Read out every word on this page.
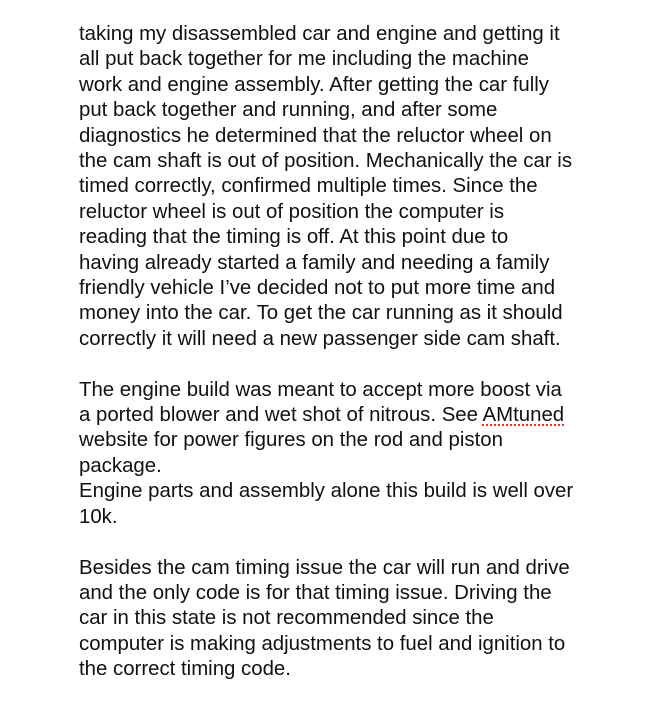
taking my disassembled car and engine and getting it
all put back together for me including the machine
work and engine assembly. After getting the car fully
put back together and running, and after some
diagnostics he determined that the reluctor wheel on
the cam shaft is out of position. Mechanically the car is
timed correctly, confirmed multiple times. Since the
reluctor wheel is out of position the computer is
reading that the timing is off. At this point due to
having already started a family and needing a family
friendly vehicle I’ve decided not to put more time and
money into the car. To get the car running as it should
correctly it will need a new passenger side cam shaft.
The engine build was meant to accept more boost via
a ported blower and wet shot of nitrous. See AMtuned
website for power figures on the rod and piston
package.
Engine parts and assembly alone this build is well over
10k.
Besides the cam timing issue the car will run and drive
and the only code is for that timing issue. Driving the
car in this state is not recommended since the
computer is making adjustments to fuel and ignition to
the correct timing code.
